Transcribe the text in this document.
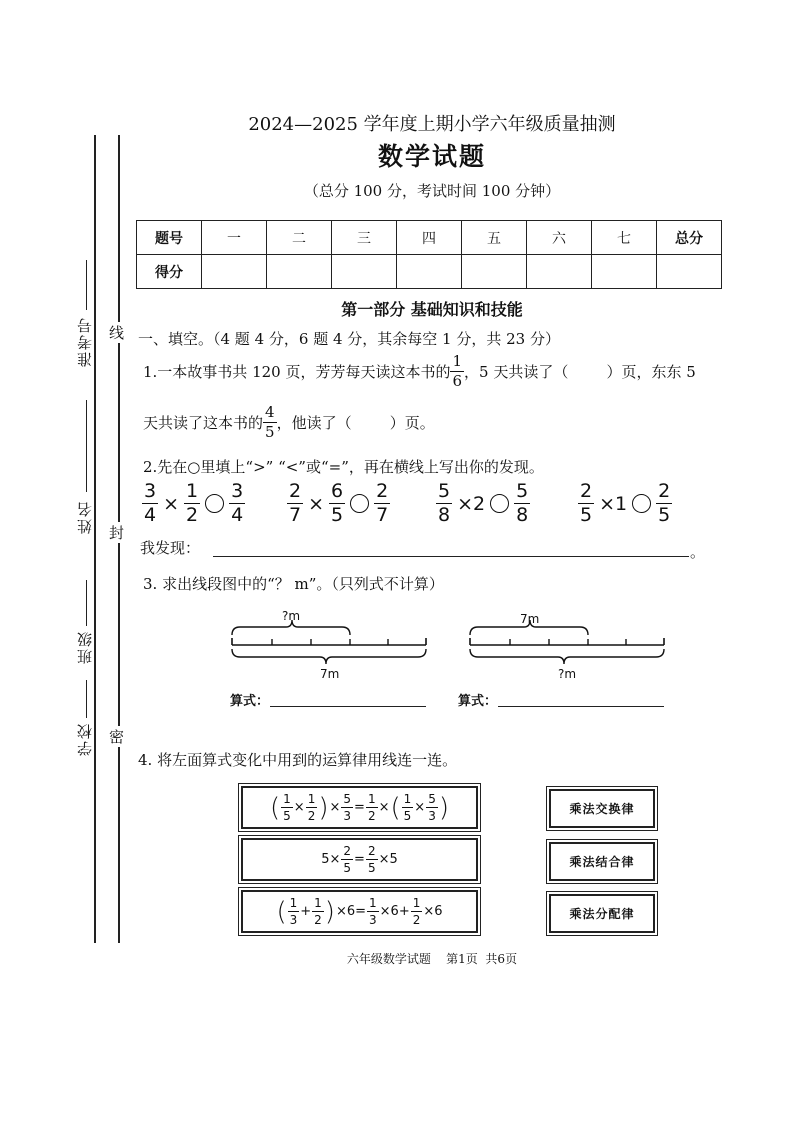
准考号
姓名
班级
学校
线
封
密
2024—2025 学年度上期小学六年级质量抽测
数学试题
（总分 100 分，考试时间 100 分钟）
题号	一	二	三	四	五	六	七	总分
得分								
第一部分 基础知识和技能
一、填空。（4 题 4 分，6 题 4 分，其余每空 1 分，共 23 分）
1.一本故事书共 120 页，芳芳每天读这本书的 $\frac{1}{6}$ ，5 天共读了（        ）页，东东 5
天共读了这本书的 $\frac{4}{5}$ ，他读了（        ）页。
2.先在○里填上“>” “<”或“=”，再在横线上写出你的发现。
$\frac{3}{4} \times \frac{1}{2} \frac{3}{4} \frac{2}{7} \times \frac{6}{5} \frac{2}{7} \frac{5}{8} \times 2 \frac{5}{8}$	$\frac{2}{5} \times 1 \frac{2}{5}$
我发现：	。
3. 求出线段图中的“？ m”。（只列式不计算）
?m
7m
7m
?m
算式：	算式：
4. 将左面算式变化中用到的运算律用线连一连。
( $\frac{1}{5} \times \frac{1}{2}$ ) × $\frac{5}{3} = \frac{1}{2}$ × ( $\frac{1}{5} \times \frac{5}{3}$ )
$5\times \frac{2}{5} = \frac{2}{5} \times 5$
( $\frac{1}{3} + \frac{1}{2}$ ) $\times 6= \frac{1}{3} \times 6+ \frac{1}{2} \times 6$
乘法交换律
乘法结合律
乘法分配律
六年级数学试题    第1页  共6页
